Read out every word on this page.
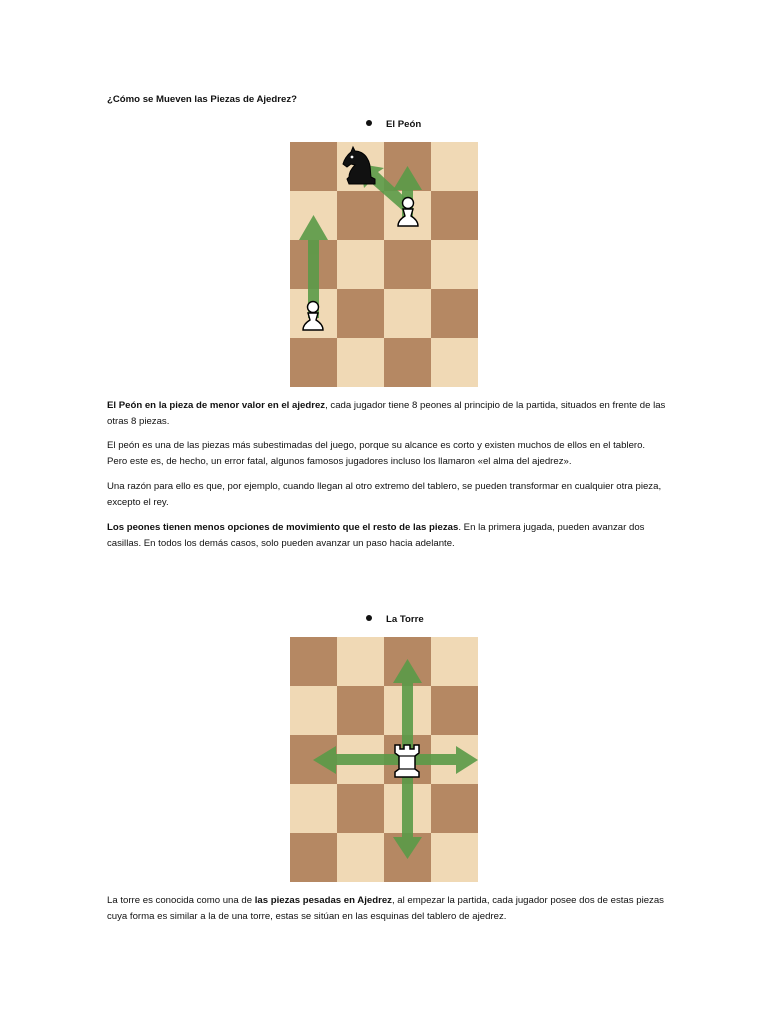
¿Cómo se Mueven las Piezas de Ajedrez?
El Peón
El Peón en la pieza de menor valor en el ajedrez, cada jugador tiene 8 peones al principio de la partida, situados en frente de las otras 8 piezas.
El peón es una de las piezas más subestimadas del juego, porque su alcance es corto y existen muchos de ellos en el tablero. Pero este es, de hecho, un error fatal, algunos famosos jugadores incluso los llamaron «el alma del ajedrez».
Una razón para ello es que, por ejemplo, cuando llegan al otro extremo del tablero, se pueden transformar en cualquier otra pieza, excepto el rey.
Los peones tienen menos opciones de movimiento que el resto de las piezas. En la primera jugada, pueden avanzar dos casillas. En todos los demás casos, solo pueden avanzar un paso hacia adelante.
La Torre
La torre es conocida como una de las piezas pesadas en Ajedrez, al empezar la partida, cada jugador posee dos de estas piezas cuya forma es similar a la de una torre, estas se sitúan en las esquinas del tablero de ajedrez.
